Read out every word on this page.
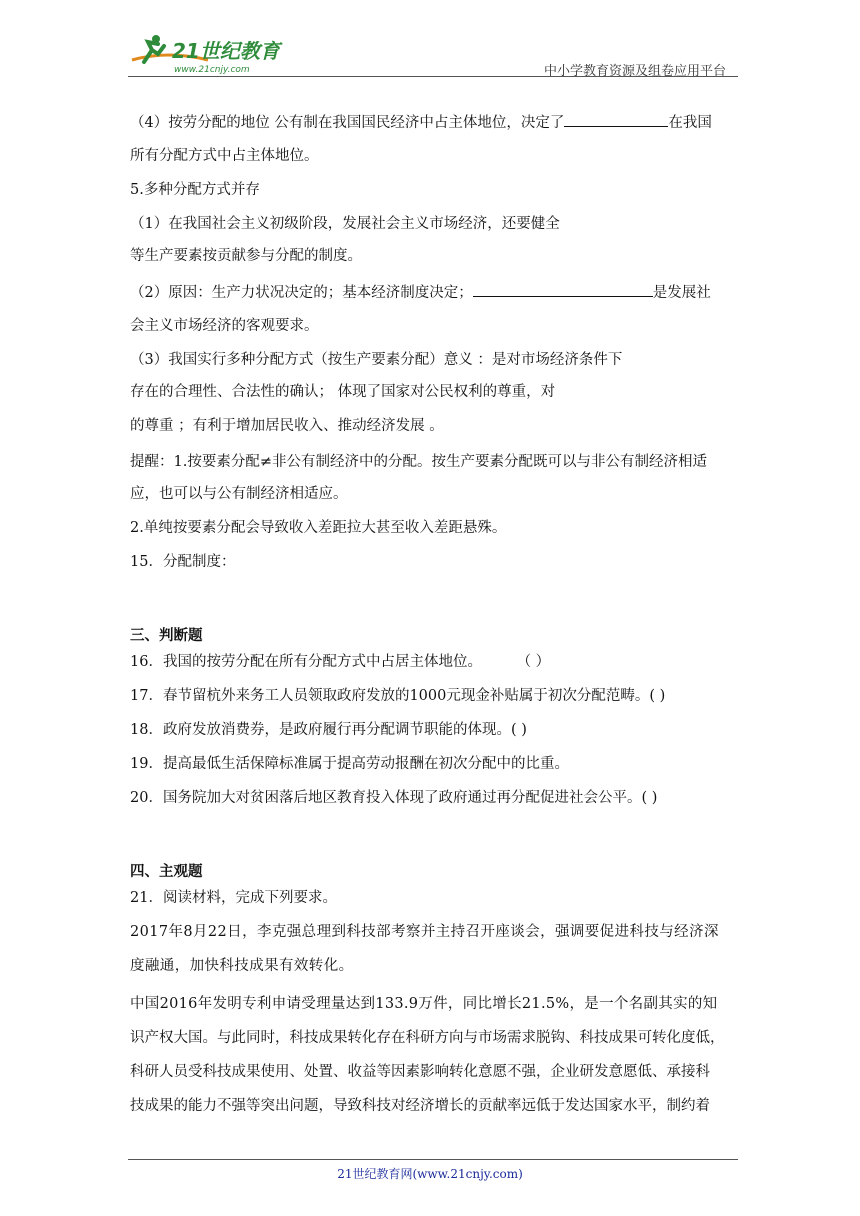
21世纪教育
www.21cnjy.com	中小学教育资源及组卷应用平台
（4）按劳分配的地位 公有制在我国国民经济中占主体地位，决定了	在我国
所有分配方式中占主体地位。
5.多种分配方式并存
（1）在我国社会主义初级阶段，发展社会主义市场经济，还要健全
等生产要素按贡献参与分配的制度。
（2）原因：生产力状况决定的；基本经济制度决定；	是发展社
会主义市场经济的客观要求。
（3）我国实行多种分配方式（按生产要素分配）意义 ：是对市场经济条件下
存在的合理性、合法性的确认； 体现了国家对公民权利的尊重，对
的尊重 ；有利于增加居民收入、推动经济发展 。
提醒：1.按要素分配≠非公有制经济中的分配。按生产要素分配既可以与非公有制经济相适
应，也可以与公有制经济相适应。
2.单纯按要素分配会导致收入差距拉大甚至收入差距悬殊。
15．分配制度：
三、判断题
16．我国的按劳分配在所有分配方式中占居主体地位。 （ ）
17．春节留杭外来务工人员领取政府发放的1000元现金补贴属于初次分配范畴。( )
18．政府发放消费券，是政府履行再分配调节职能的体现。( )
19．提高最低生活保障标准属于提高劳动报酬在初次分配中的比重。
20．国务院加大对贫困落后地区教育投入体现了政府通过再分配促进社会公平。( )
四、主观题
21．阅读材料，完成下列要求。
2017年8月22日，李克强总理到科技部考察并主持召开座谈会，强调要促进科技与经济深
度融通，加快科技成果有效转化。
中国2016年发明专利申请受理量达到133.9万件，同比增长21.5%，是一个名副其实的知
识产权大国。与此同时，科技成果转化存在科研方向与市场需求脱钩、科技成果可转化度低，
科研人员受科技成果使用、处置、收益等因素影响转化意愿不强，企业研发意愿低、承接科
技成果的能力不强等突出问题，导致科技对经济增长的贡献率远低于发达国家水平，制约着
21世纪教育网(www.21cnjy.com)
